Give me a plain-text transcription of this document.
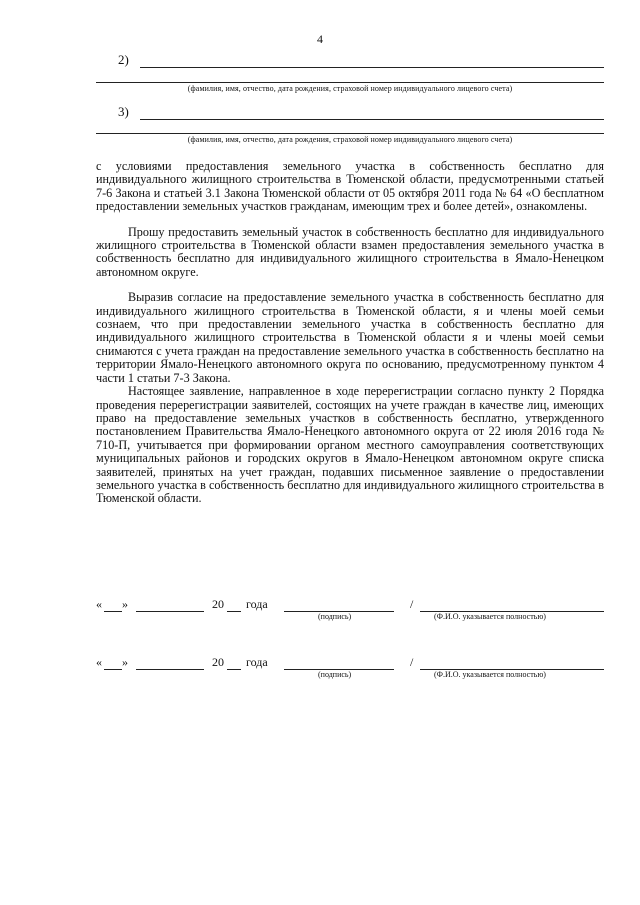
4
2)
(фамилия, имя, отчество, дата рождения, страховой номер индивидуального лицевого счета)
3)
(фамилия, имя, отчество, дата рождения, страховой номер индивидуального лицевого счета)

с условиями предоставления земельного участка в собственность бесплатно для индивидуального жилищного строительства в Тюменской области, предусмотренными статьей 7-6 Закона и статьей 3.1 Закона Тюменской области от 05 октября 2011 года № 64 «О бесплатном предоставлении земельных участков гражданам, имеющим трех и более детей», ознакомлены.

Прошу предоставить земельный участок в собственность бесплатно для индивидуального жилищного строительства в Тюменской области взамен предоставления земельного участка в собственность бесплатно для индивидуального жилищного строительства в Ямало-Ненецком автономном округе.

Выразив согласие на предоставление земельного участка в собственность бесплатно для индивидуального жилищного строительства в Тюменской области, я и члены моей семьи сознаем, что при предоставлении земельного участка в собственность бесплатно для индивидуального жилищного строительства в Тюменской области я и члены моей семьи снимаются с учета граждан на предоставление земельного участка в собственность бесплатно на территории Ямало-Ненецкого автономного округа по основанию, предусмотренному пунктом 4 части 1 статьи 7-3 Закона.

Настоящее заявление, направленное в ходе перерегистрации согласно пункту 2 Порядка проведения перерегистрации заявителей, состоящих на учете граждан в качестве лиц, имеющих право на предоставление земельных участков в собственность бесплатно, утвержденного постановлением Правительства Ямало-Ненецкого автономного округа от 22 июля 2016 года № 710-П, учитывается при формировании органом местного самоуправления соответствующих муниципальных районов и городских округов в Ямало-Ненецком автономном округе списка заявителей, принятых на учет граждан, подавших письменное заявление о предоставлении земельного участка в собственность бесплатно для индивидуального жилищного строительства в Тюменской области.

« »	20 года	/
(подпись)	(Ф.И.О. указывается полностью)
« »	20 года	/
(подпись)	(Ф.И.О. указывается полностью)
